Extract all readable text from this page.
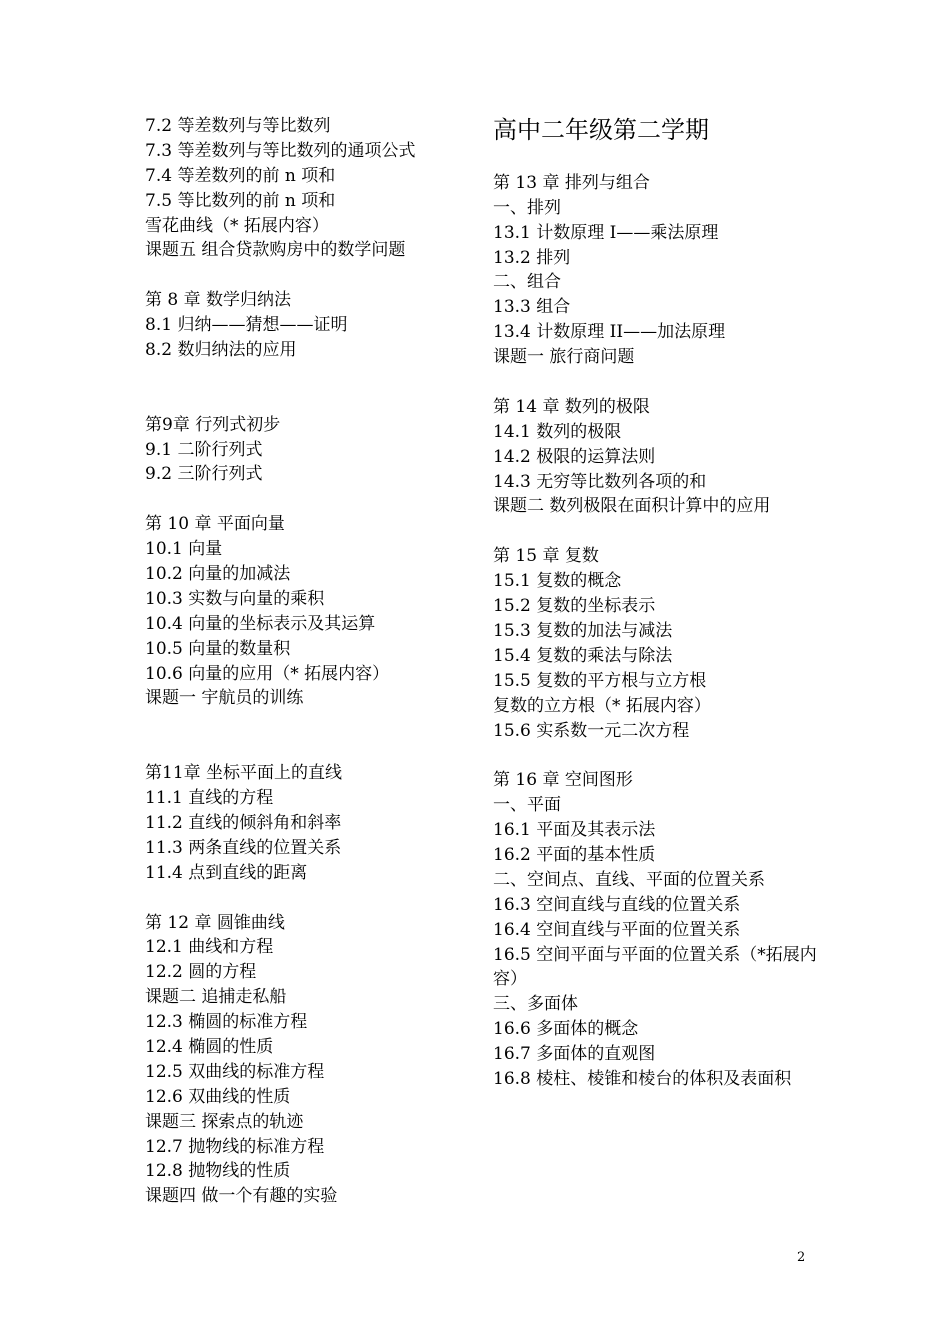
7.2 等差数列与等比数列
7.3 等差数列与等比数列的通项公式
7.4 等差数列的前 n 项和
7.5 等比数列的前 n 项和
雪花曲线（* 拓展内容）
课题五 组合贷款购房中的数学问题
第 8 章 数学归纳法
8.1 归纳——猜想——证明
8.2 数归纳法的应用
第9章 行列式初步
9.1 二阶行列式
9.2 三阶行列式
第 10 章 平面向量
10.1 向量
10.2 向量的加减法
10.3 实数与向量的乘积
10.4 向量的坐标表示及其运算
10.5 向量的数量积
10.6 向量的应用（* 拓展内容）
课题一 宇航员的训练
第11章 坐标平面上的直线
11.1 直线的方程
11.2 直线的倾斜角和斜率
11.3 两条直线的位置关系
11.4 点到直线的距离
第 12 章 圆锥曲线
12.1 曲线和方程
12.2 圆的方程
课题二 追捕走私船
12.3 椭圆的标准方程
12.4 椭圆的性质
12.5 双曲线的标准方程
12.6 双曲线的性质
课题三 探索点的轨迹
12.7 抛物线的标准方程
12.8 抛物线的性质
课题四 做一个有趣的实验
高中二年级第二学期
第 13 章 排列与组合
一、排列
13.1 计数原理 I——乘法原理
13.2 排列
二、组合
13.3 组合
13.4 计数原理 II——加法原理
课题一 旅行商问题
第 14 章 数列的极限
14.1 数列的极限
14.2 极限的运算法则
14.3 无穷等比数列各项的和
课题二 数列极限在面积计算中的应用
第 15 章 复数
15.1 复数的概念
15.2 复数的坐标表示
15.3 复数的加法与减法
15.4 复数的乘法与除法
15.5 复数的平方根与立方根
复数的立方根（* 拓展内容）
15.6 实系数一元二次方程
第 16 章 空间图形
一、平面
16.1 平面及其表示法
16.2 平面的基本性质
二、空间点、直线、平面的位置关系
16.3 空间直线与直线的位置关系
16.4 空间直线与平面的位置关系
16.5 空间平面与平面的位置关系（*拓展内容）
三、多面体
16.6 多面体的概念
16.7 多面体的直观图
16.8 棱柱、棱锥和棱台的体积及表面积
2
